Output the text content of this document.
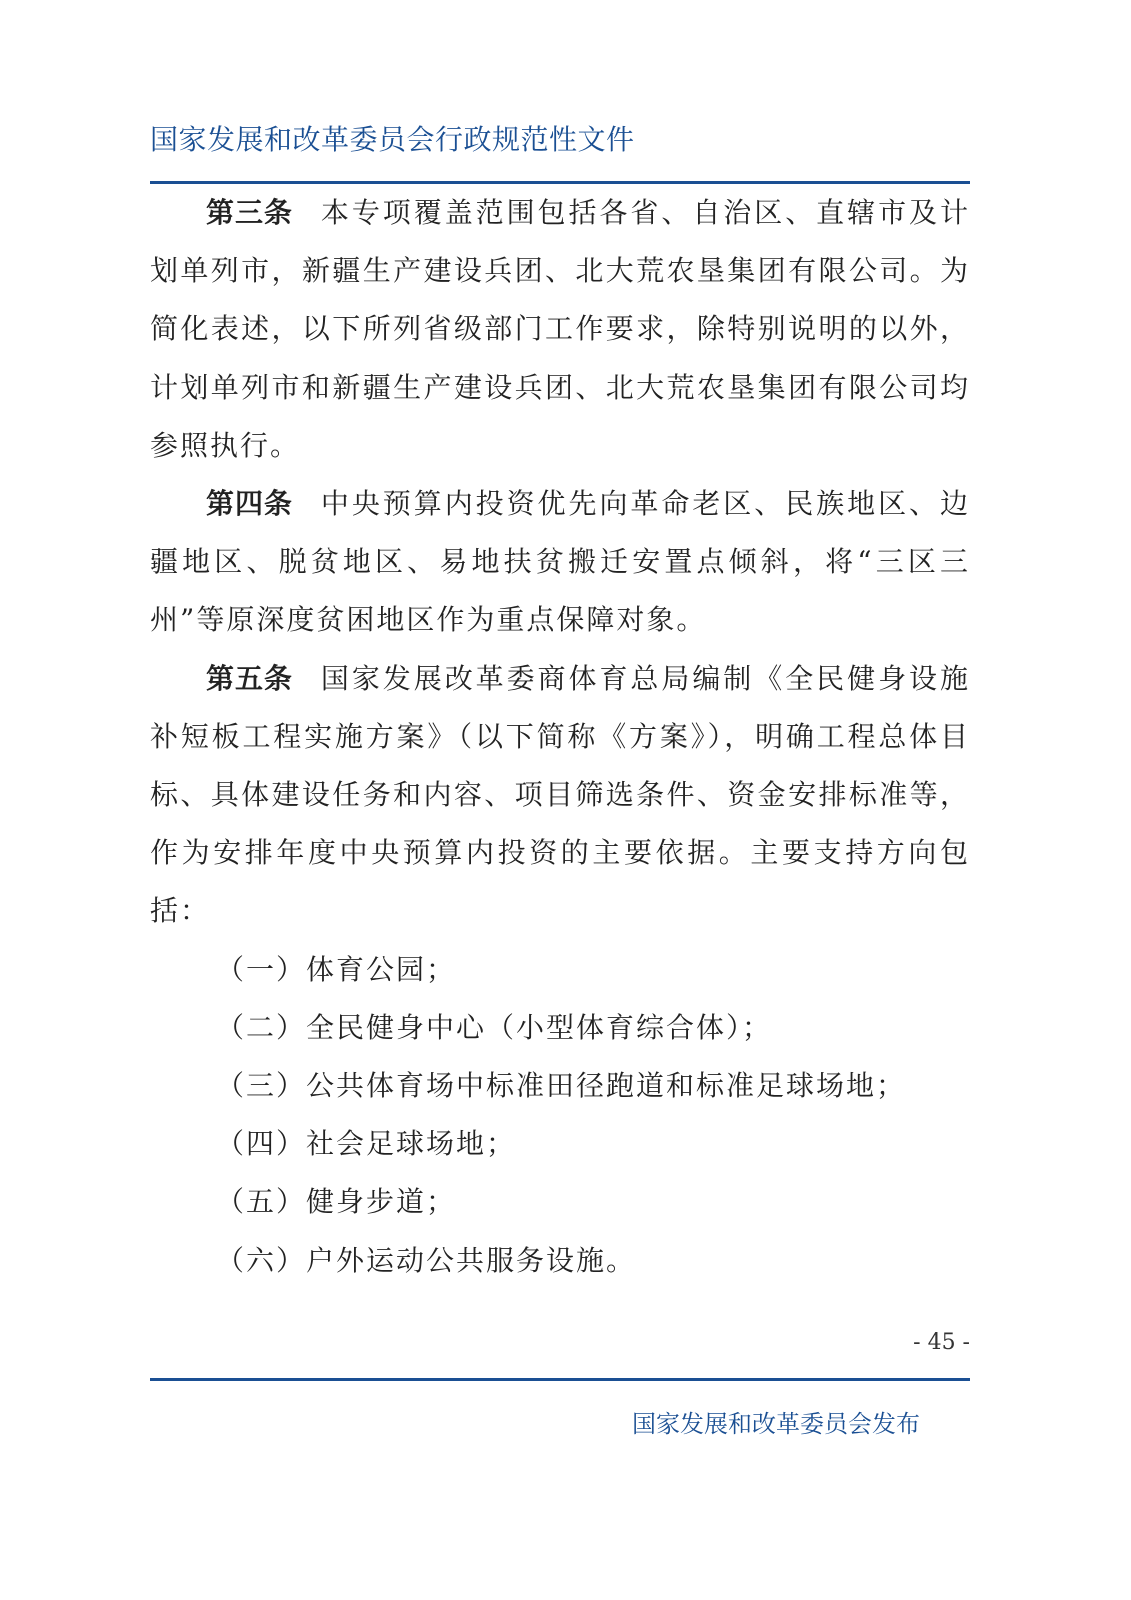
国家发展和改革委员会行政规范性文件

第三条 本专项覆盖范围包括各省、自治区、直辖市及计划单列市，新疆生产建设兵团、北大荒农垦集团有限公司。为简化表述，以下所列省级部门工作要求，除特别说明的以外，计划单列市和新疆生产建设兵团、北大荒农垦集团有限公司均参照执行。

第四条 中央预算内投资优先向革命老区、民族地区、边疆地区、脱贫地区、易地扶贫搬迁安置点倾斜，将“三区三州”等原深度贫困地区作为重点保障对象。

第五条 国家发展改革委商体育总局编制《全民健身设施补短板工程实施方案》（以下简称《方案》），明确工程总体目标、具体建设任务和内容、项目筛选条件、资金安排标准等，作为安排年度中央预算内投资的主要依据。主要支持方向包括：

（一）体育公园；

（二）全民健身中心（小型体育综合体）；

（三）公共体育场中标准田径跑道和标准足球场地；

（四）社会足球场地；

（五）健身步道；

（六）户外运动公共服务设施。

- 45 -
国家发展和改革委员会发布
